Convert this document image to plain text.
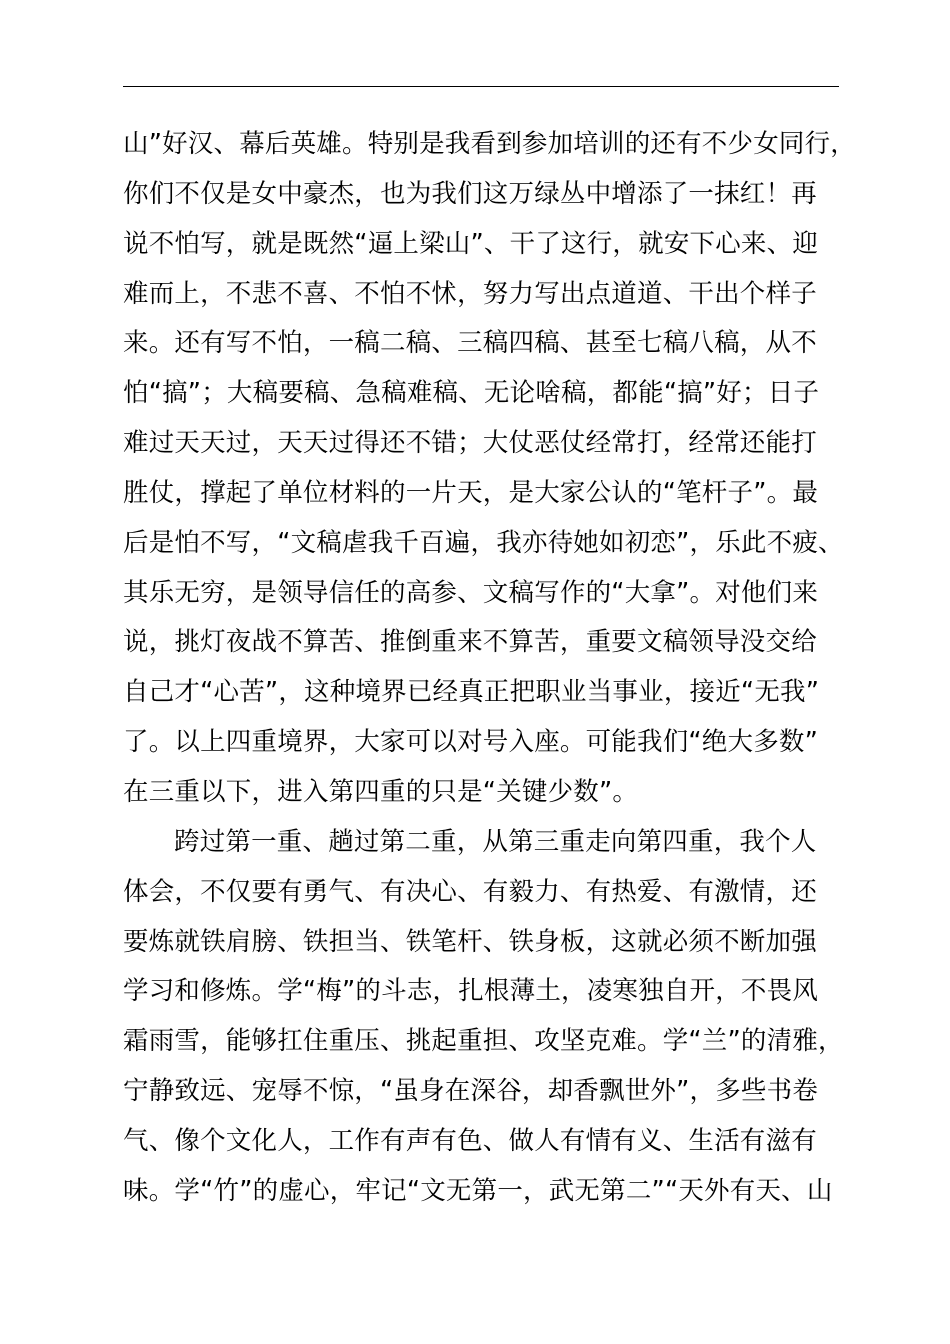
山”好汉、幕后英雄。特别是我看到参加培训的还有不少女同行，
你们不仅是女中豪杰，也为我们这万绿丛中增添了一抹红！再
说不怕写，就是既然“逼上梁山”、干了这行，就安下心来、迎
难而上，不悲不喜、不怕不怵，努力写出点道道、干出个样子
来。还有写不怕，一稿二稿、三稿四稿、甚至七稿八稿，从不
怕“搞”；大稿要稿、急稿难稿、无论啥稿，都能“搞”好；日子
难过天天过，天天过得还不错；大仗恶仗经常打，经常还能打
胜仗，撑起了单位材料的一片天，是大家公认的“笔杆子”。最
后是怕不写，“文稿虐我千百遍，我亦待她如初恋”，乐此不疲、
其乐无穷，是领导信任的高参、文稿写作的“大拿”。对他们来
说，挑灯夜战不算苦、推倒重来不算苦，重要文稿领导没交给
自己才“心苦”，这种境界已经真正把职业当事业，接近“无我”
了。以上四重境界，大家可以对号入座。可能我们“绝大多数”
在三重以下，进入第四重的只是“关键少数”。
跨过第一重、趟过第二重，从第三重走向第四重，我个人
体会，不仅要有勇气、有决心、有毅力、有热爱、有激情，还
要炼就铁肩膀、铁担当、铁笔杆、铁身板，这就必须不断加强
学习和修炼。学“梅”的斗志，扎根薄土，凌寒独自开，不畏风
霜雨雪，能够扛住重压、挑起重担、攻坚克难。学“兰”的清雅，
宁静致远、宠辱不惊，“虽身在深谷，却香飘世外”，多些书卷
气、像个文化人，工作有声有色、做人有情有义、生活有滋有
味。学“竹”的虚心，牢记“文无第一，武无第二”“天外有天、山
